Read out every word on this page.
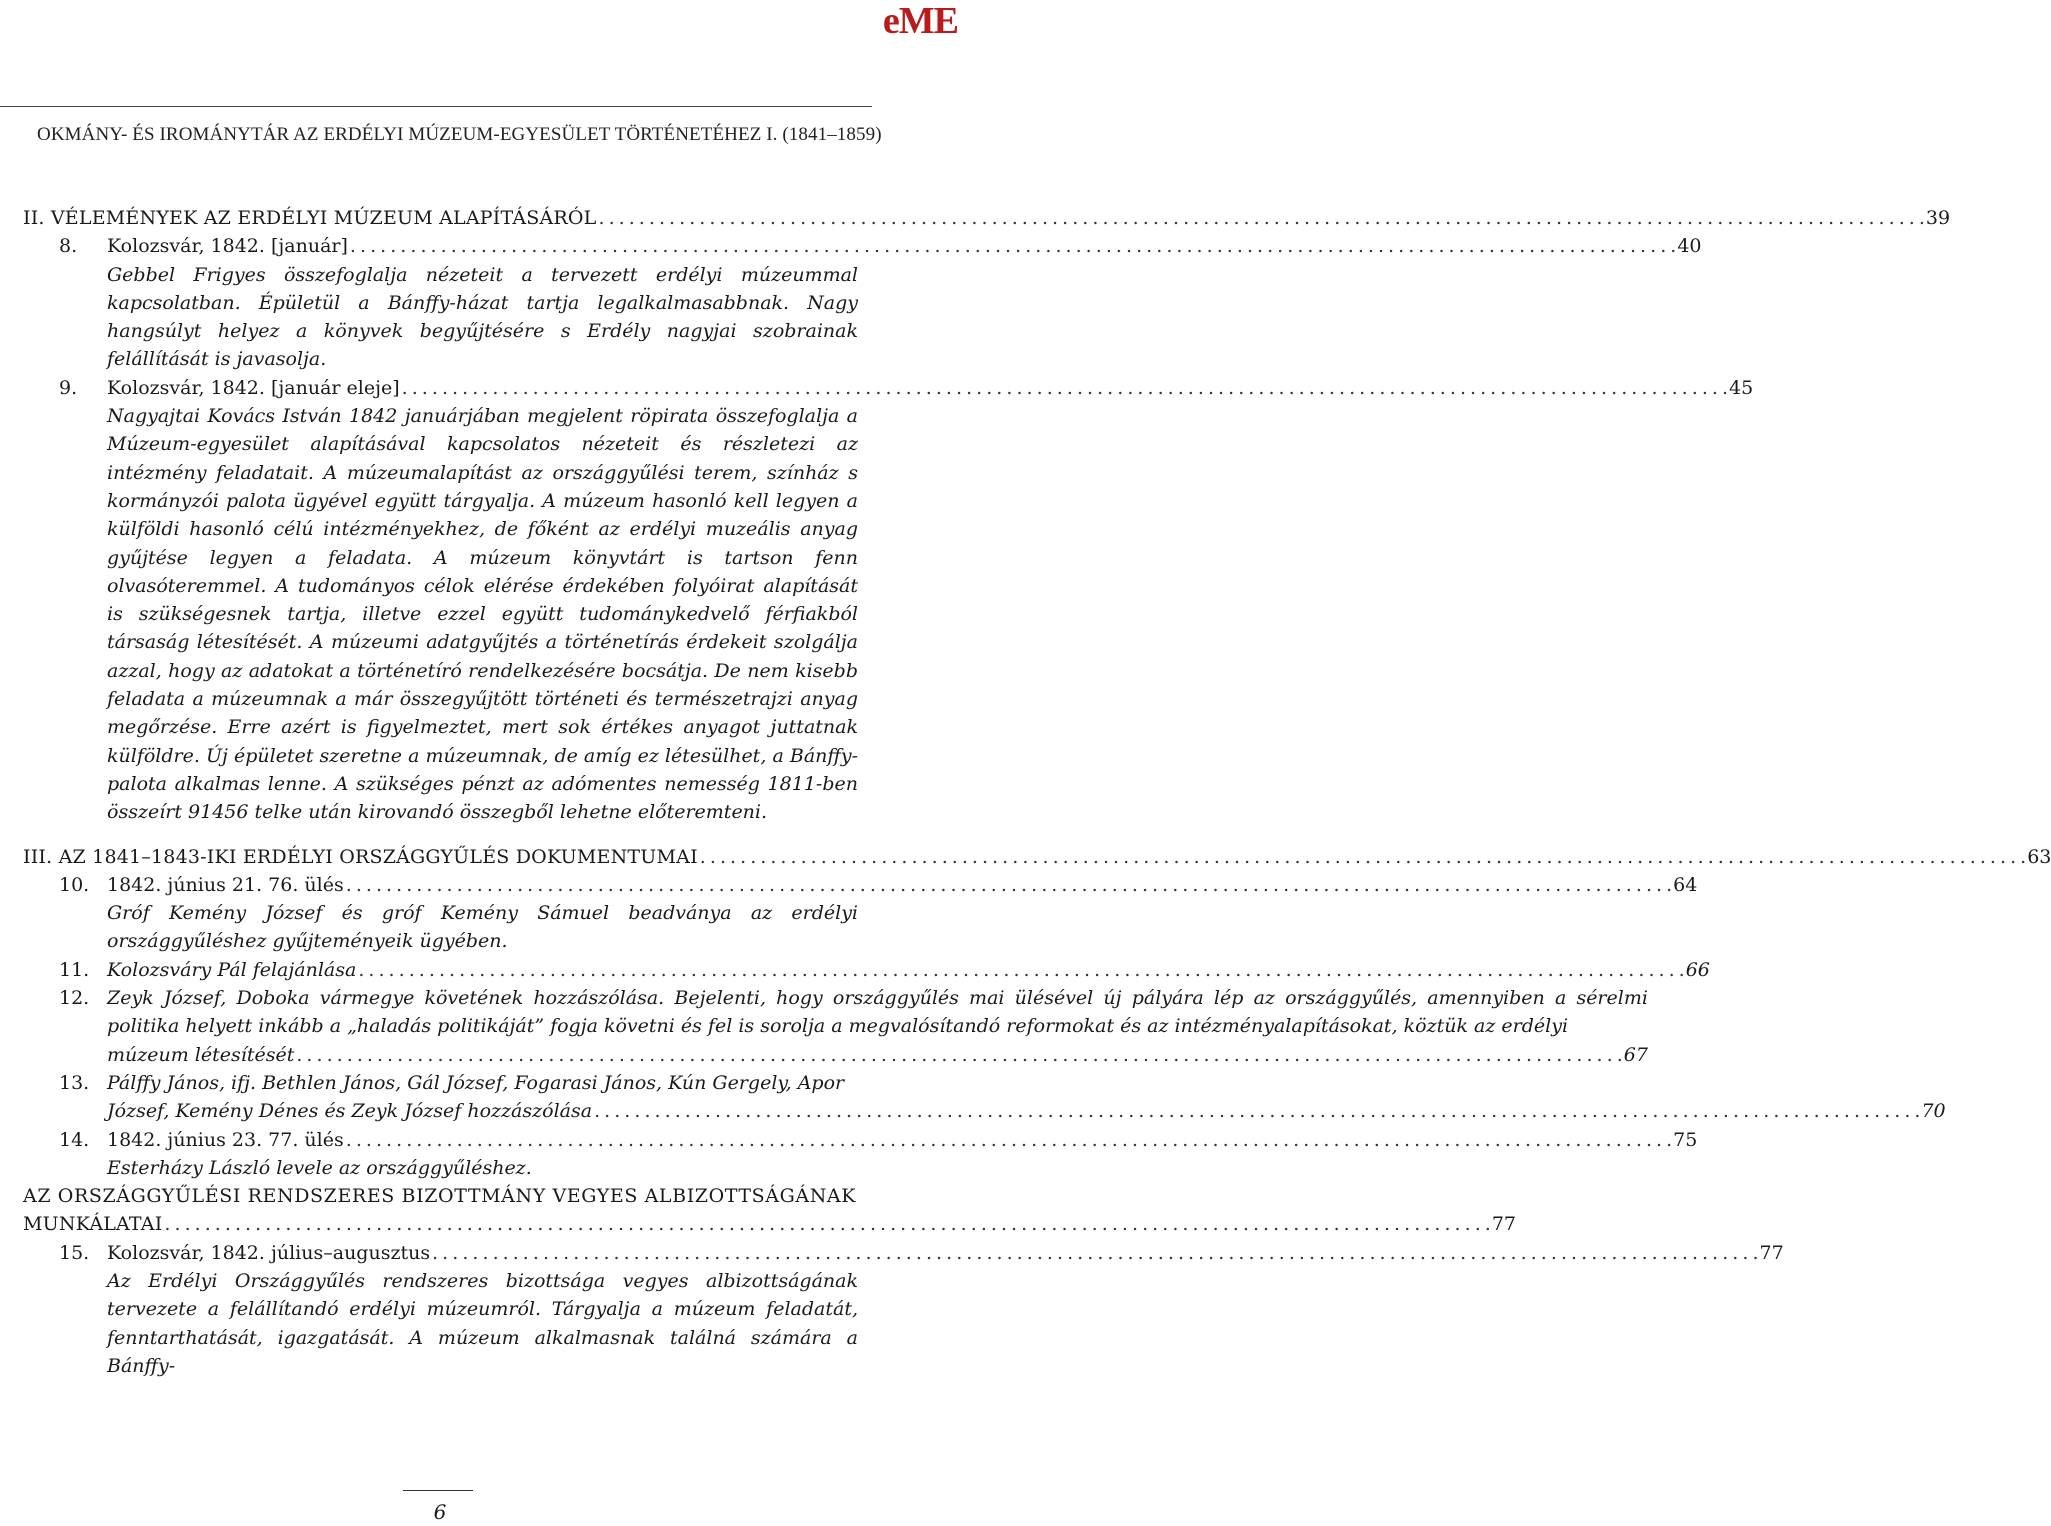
eME
OKMÁNY- ÉS IROMÁNYTÁR AZ ERDÉLYI MÚZEUM-EGYESÜLET TÖRTÉNETÉHEZ I. (1841–1859)
II. VÉLEMÉNYEK AZ ERDÉLYI MÚZEUM ALAPÍTÁSÁRÓL . . .	39
8.	Kolozsvár, 1842. [január] . . .	40
Gebbel Frigyes összefoglalja nézeteit a tervezett erdélyi múzeummal kapcsolatban. Épületül a Bánffy-házat tartja legalkalmasabbnak. Nagy hangsúlyt helyez a könyvek begyűjtésére s Erdély nagyjai szobrainak felállítását is javasolja.
9.	Kolozsvár, 1842. [január eleje] . . .	45
Nagyajtai Kovács István 1842 januárjában megjelent röpirata összefoglalja a Múzeum-egyesület alapításával kapcsolatos nézeteit és részletezi az intézmény feladatait. A múzeumalapítást az országgyűlési terem, színház s kormányzói palota ügyével együtt tárgyalja. A múzeum hasonló kell legyen a külföldi hasonló célú intézményekhez, de főként az erdélyi muzeális anyag gyűjtése legyen a feladata. A múzeum könyvtárt is tartson fenn olvasóteremmel. A tudományos célok elérése érdekében folyóirat alapítását is szükségesnek tartja, illetve ezzel együtt tudománykedvelő férfiakból társaság létesítését. A múzeumi adatgyűjtés a történetírás érdekeit szolgálja azzal, hogy az adatokat a történetíró rendelkezésére bocsátja. De nem kisebb feladata a múzeumnak a már összegyűjtött történeti és természetrajzi anyag megőrzése. Erre azért is figyelmeztet, mert sok értékes anyagot juttatnak külföldre. Új épületet szeretne a múzeumnak, de amíg ez létesülhet, a Bánffy-palota alkalmas lenne. A szükséges pénzt az adómentes nemesség 1811-ben összeírt 91456 telke után kirovandó összegből lehetne előteremteni.
III. AZ 1841–1843-IKI ERDÉLYI ORSZÁGGYŰLÉS DOKUMENTUMAI . . .	63
10. 1842. június 21. 76. ülés . . .	64
Gróf Kemény József és gróf Kemény Sámuel beadványa az erdélyi országgyűléshez gyűjteményeik ügyében.
11. Kolozsváry Pál felajánlása . . .	66
12. Zeyk József, Doboka vármegye követének hozzászólása. Bejelenti, hogy országgyűlés mai ülésével új pályára lép az országgyűlés, amennyiben a sérelmi politika helyett inkább a „haladás politikáját” fogja követni és fel is sorolja a megvalósítandó reformokat és az intézményalapításokat, köztük az erdélyi
múzeum létesítését . . .	67
13. Pálffy János, ifj. Bethlen János, Gál József, Fogarasi János, Kún Gergely, Apor
József, Kemény Dénes és Zeyk József hozzászólása . . .	70
14. 1842. június 23. 77. ülés . . .	75
Esterházy László levele az országgyűléshez.
AZ ORSZÁGGYŰLÉSI RENDSZERES BIZOTTMÁNY VEGYES ALBIZOTTSÁGÁNAK
MUNKÁLATAI . . .	77
15. Kolozsvár, 1842. július–augusztus . . .	77
Az Erdélyi Országgyűlés rendszeres bizottsága vegyes albizottságának tervezete a felállítandó erdélyi múzeumról. Tárgyalja a múzeum feladatát, fenntarthatását, igazgatását. A múzeum alkalmasnak találná számára a Bánffy-
6
